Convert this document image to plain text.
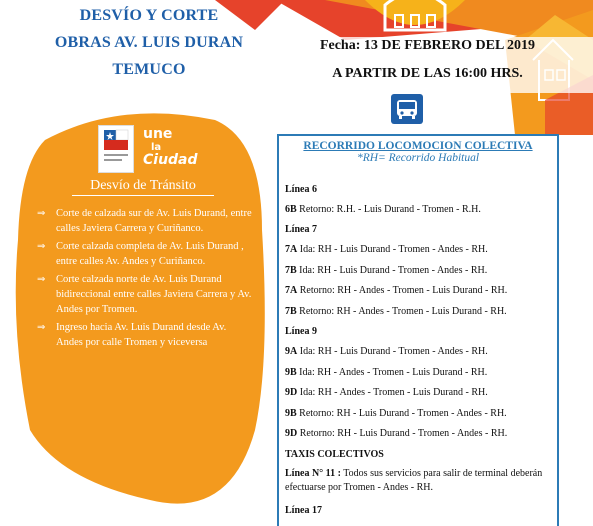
DESVÍO Y CORTE
OBRAS AV. LUIS DURAN
TEMUCO
Fecha: 13 DE FEBRERO DEL 2019
A PARTIR DE LAS 16:00 HRS.
une
la
Ciudad
Desvío de Tránsito
⇒ Corte de calzada sur de Av. Luis Durand, entre calles Javiera Carrera y Curiñanco.
⇒ Corte calzada completa de Av. Luis Durand , entre calles Av. Andes y Curiñanco.
⇒ Corte calzada norte de Av. Luis Durand bidireccional entre calles Javiera Carrera y Av. Andes por Tromen.
⇒ Ingreso hacia Av. Luis Durand desde Av. Andes por calle Tromen y viceversa
RECORRIDO LOCOMOCION COLECTIVA
*RH= Recorrido Habitual
Línea 6
6B Retorno: R.H. - Luis Durand - Tromen - R.H.
Línea 7
7A Ida: RH - Luis Durand - Tromen - Andes - RH.
7B Ida: RH - Luis Durand - Tromen - Andes - RH.
7A Retorno: RH - Andes - Tromen - Luis Durand - RH.
7B Retorno: RH - Andes - Tromen - Luis Durand - RH.
Línea 9
9A Ida: RH - Luis Durand - Tromen - Andes - RH.
9B Ida: RH - Andes - Tromen - Luis Durand - RH.
9D Ida: RH - Andes - Tromen - Luis Durand - RH.
9B Retorno: RH - Luis Durand - Tromen - Andes - RH.
9D Retorno: RH - Luis Durand - Tromen - Andes - RH.
TAXIS COLECTIVOS
Línea N° 11 : Todos sus servicios para salir de terminal deberán efectuarse por Tromen - Andes - RH.
Línea 17
